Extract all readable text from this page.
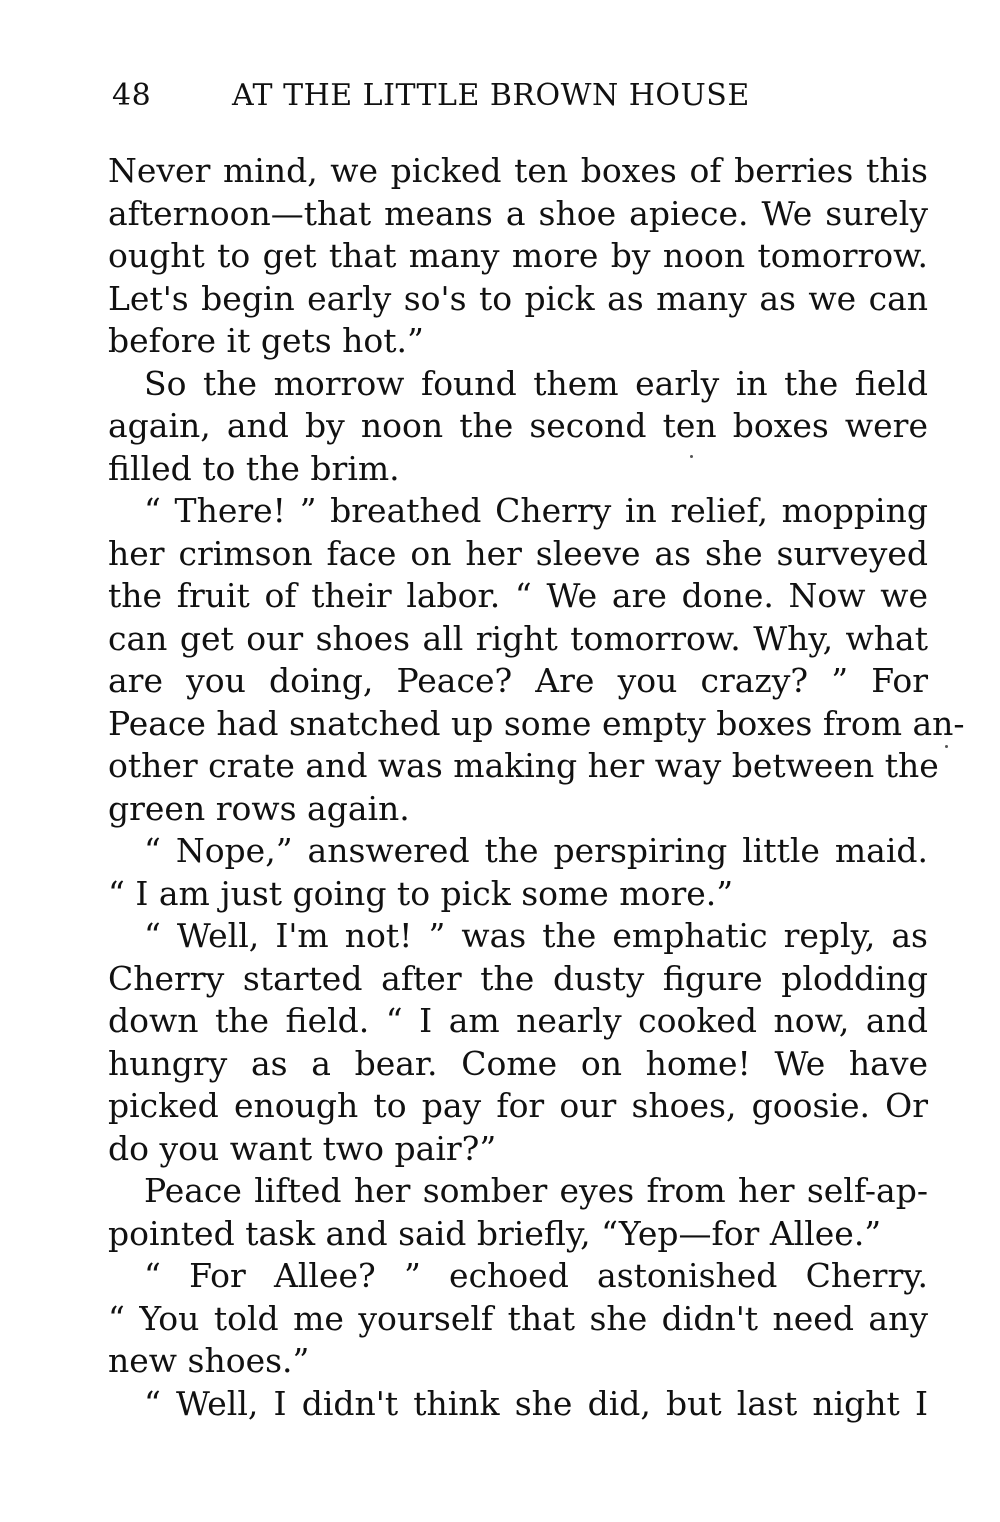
48	AT THE LITTLE BROWN HOUSE
Never mind, we picked ten boxes of berries this
afternoon—that means a shoe apiece. We surely
ought to get that many more by noon tomorrow.
Let's begin early so's to pick as many as we can
before it gets hot.”
So the morrow found them early in the field
again, and by noon the second ten boxes were
filled to the brim.
“ There! ” breathed Cherry in relief, mopping
her crimson face on her sleeve as she surveyed
the fruit of their labor. “ We are done. Now we
can get our shoes all right tomorrow. Why, what
are you doing, Peace? Are you crazy? ” For
Peace had snatched up some empty boxes from an-
other crate and was making her way between the
green rows again.
“ Nope,” answered the perspiring little maid.
“ I am just going to pick some more.”
“ Well, I'm not! ” was the emphatic reply, as
Cherry started after the dusty figure plodding
down the field. “ I am nearly cooked now, and
hungry as a bear. Come on home! We have
picked enough to pay for our shoes, goosie. Or
do you want two pair?”
Peace lifted her somber eyes from her self-ap-
pointed task and said briefly, “Yep—for Allee.”
“ For Allee? ” echoed astonished Cherry.
“ You told me yourself that she didn't need any
new shoes.”
“ Well, I didn't think she did, but last night I
